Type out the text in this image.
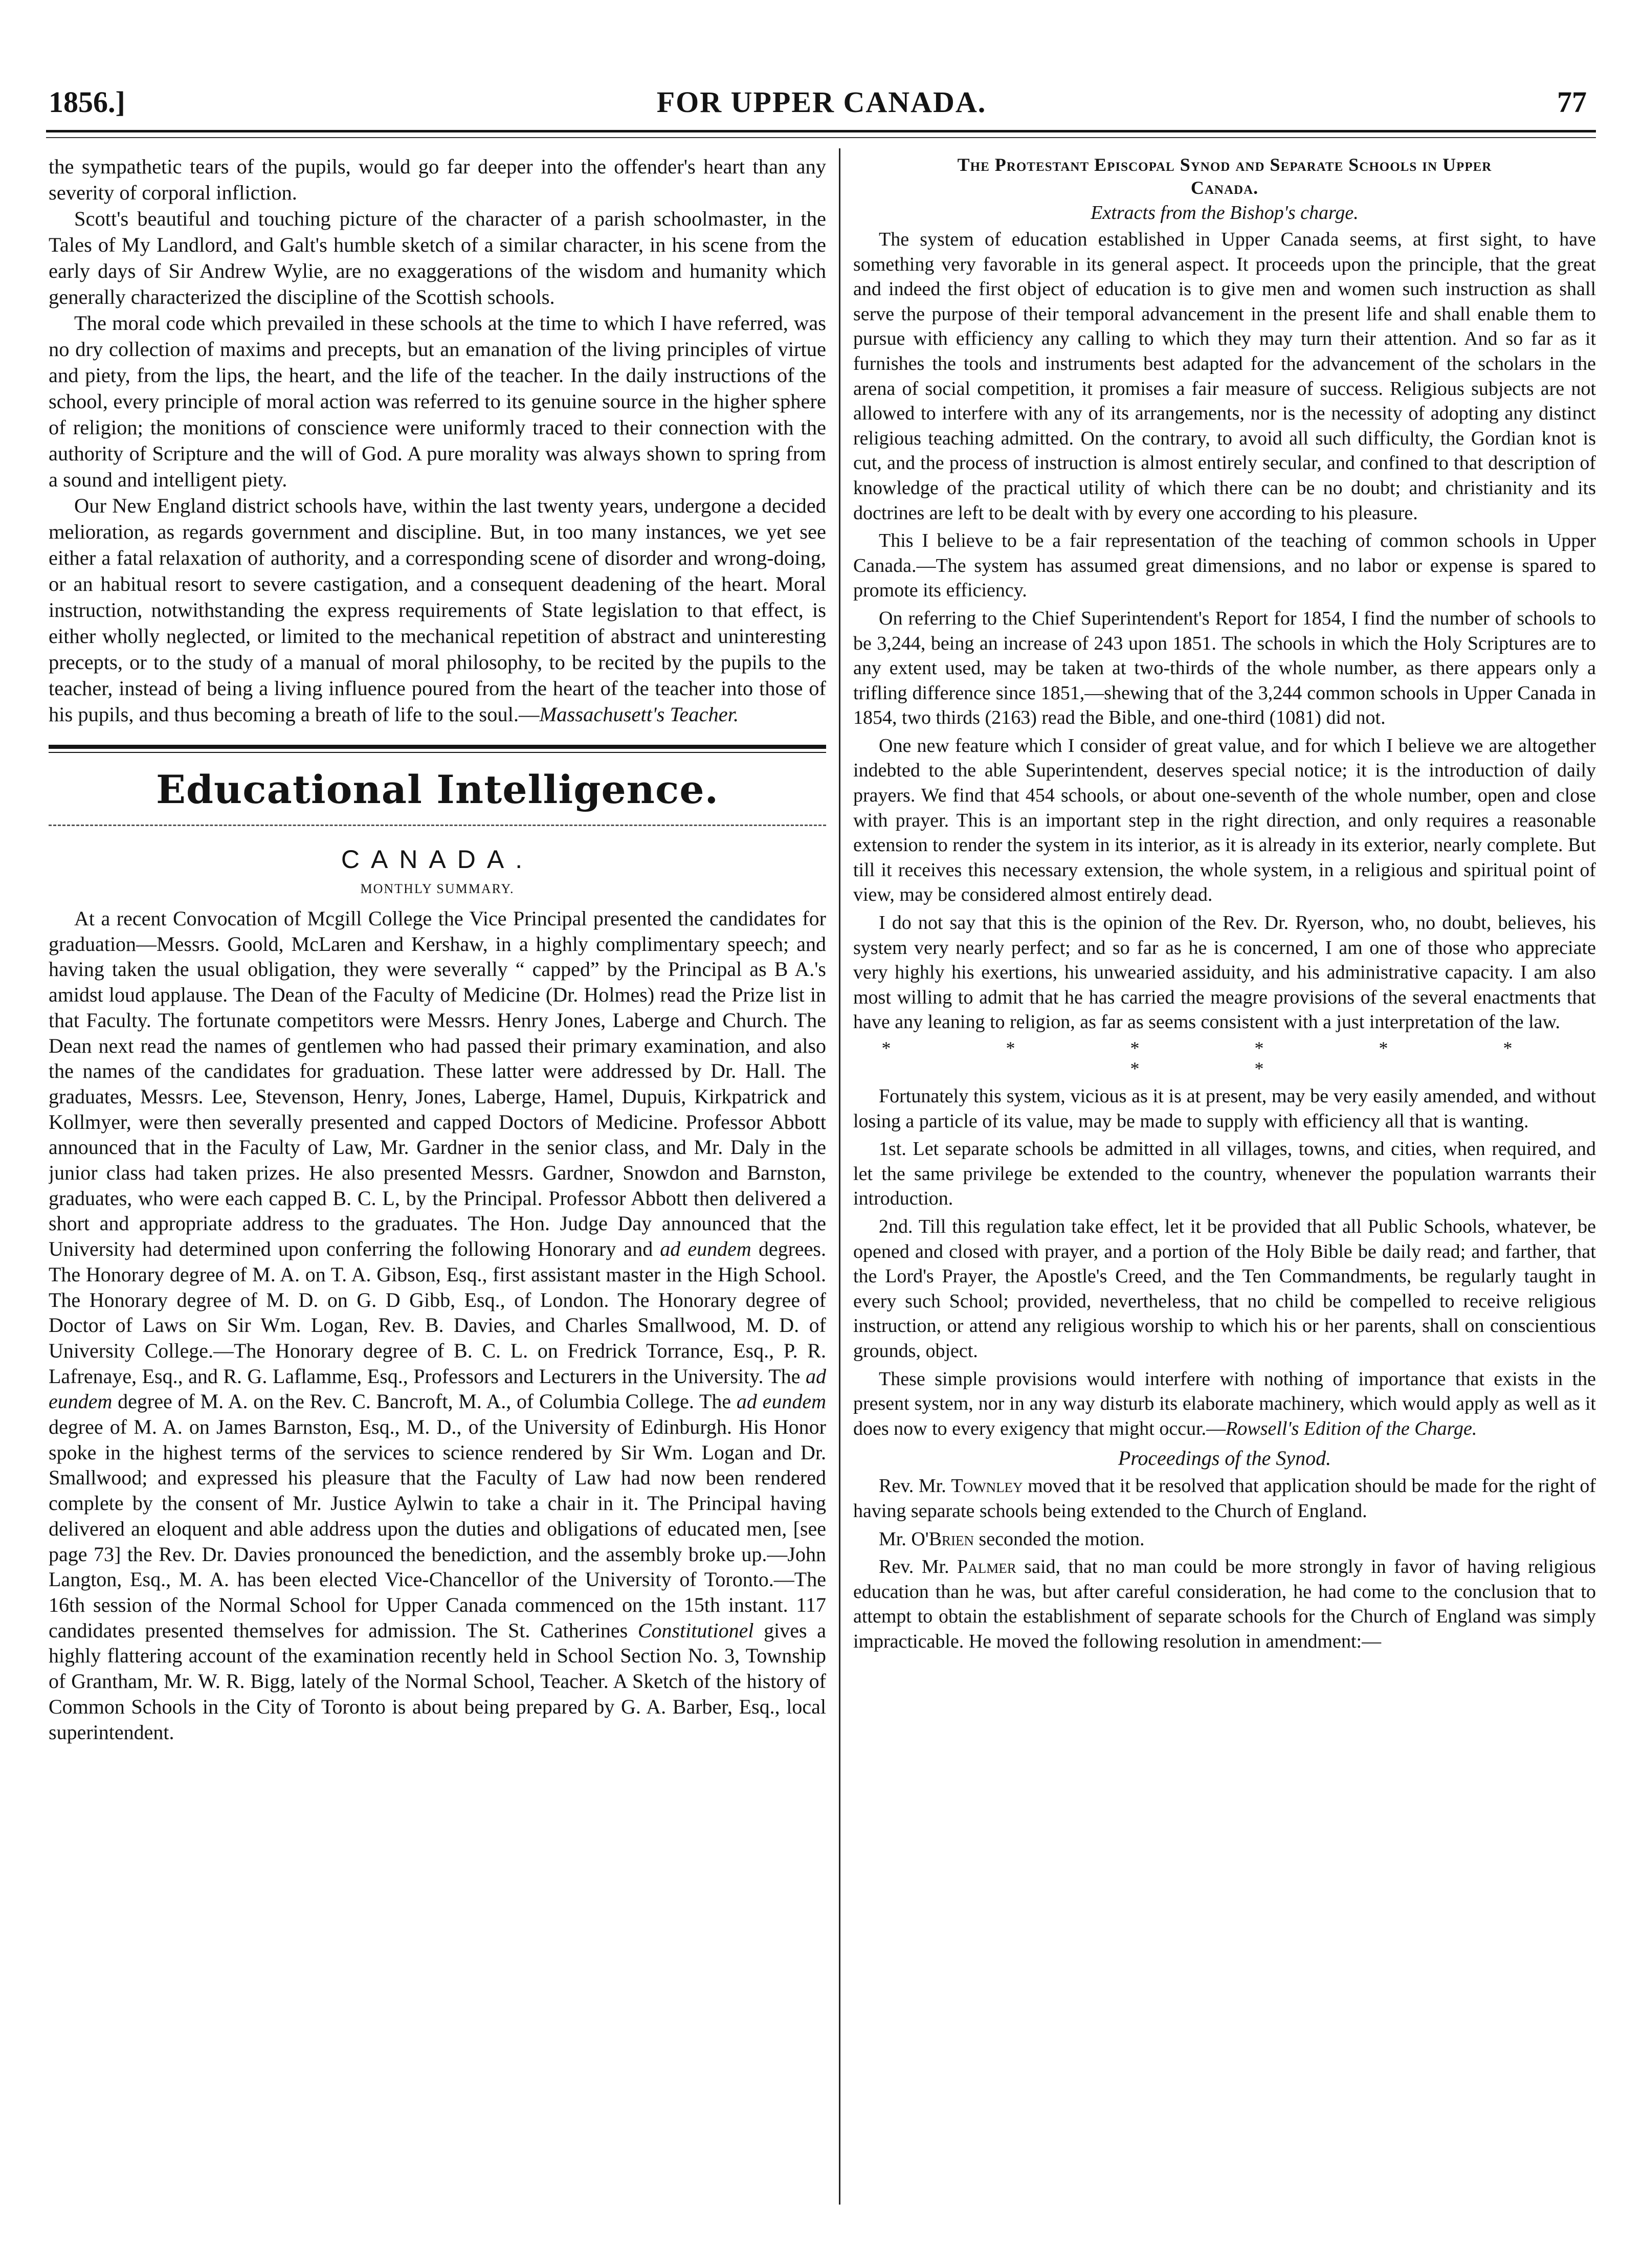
1856.]	FOR UPPER CANADA.	77

the sympathetic tears of the pupils, would go far deeper into the offender's heart than any severity of corporal infliction.

Scott's beautiful and touching picture of the character of a parish schoolmaster, in the Tales of My Landlord, and Galt's humble sketch of a similar character, in his scene from the early days of Sir Andrew Wylie, are no exaggerations of the wisdom and humanity which generally characterized the discipline of the Scottish schools.

The moral code which prevailed in these schools at the time to which I have referred, was no dry collection of maxims and precepts, but an emanation of the living principles of virtue and piety, from the lips, the heart, and the life of the teacher. In the daily instructions of the school, every principle of moral action was referred to its genuine source in the higher sphere of religion; the monitions of conscience were uniformly traced to their connection with the authority of Scripture and the will of God. A pure morality was always shown to spring from a sound and intelligent piety.

Our New England district schools have, within the last twenty years, undergone a decided melioration, as regards government and discipline. But, in too many instances, we yet see either a fatal relaxation of authority, and a corresponding scene of disorder and wrong-doing, or an habitual resort to severe castigation, and a consequent deadening of the heart. Moral instruction, notwithstanding the express requirements of State legislation to that effect, is either wholly neglected, or limited to the mechanical repetition of abstract and uninteresting precepts, or to the study of a manual of moral philosophy, to be recited by the pupils to the teacher, instead of being a living influence poured from the heart of the teacher into those of his pupils, and thus becoming a breath of life to the soul.—Massachusett's Teacher.

Educational Intelligence.
CANADA.
MONTHLY SUMMARY.

At a recent Convocation of Mcgill College the Vice Principal presented the candidates for graduation—Messrs. Goold, McLaren and Kershaw, in a highly complimentary speech; and having taken the usual obligation, they were severally “ capped” by the Principal as B A.'s amidst loud applause. The Dean of the Faculty of Medicine (Dr. Holmes) read the Prize list in that Faculty. The fortunate competitors were Messrs. Henry Jones, Laberge and Church. The Dean next read the names of gentlemen who had passed their primary examination, and also the names of the candidates for graduation. These latter were addressed by Dr. Hall. The graduates, Messrs. Lee, Stevenson, Henry, Jones, Laberge, Hamel, Dupuis, Kirkpatrick and Kollmyer, were then severally presented and capped Doctors of Medicine. Professor Abbott announced that in the Faculty of Law, Mr. Gardner in the senior class, and Mr. Daly in the junior class had taken prizes. He also presented Messrs. Gardner, Snowdon and Barnston, graduates, who were each capped B. C. L, by the Principal. Professor Abbott then delivered a short and appropriate address to the graduates. The Hon. Judge Day announced that the University had determined upon conferring the following Honorary and ad eundem degrees. The Honorary degree of M. A. on T. A. Gibson, Esq., first assistant master in the High School. The Honorary degree of M. D. on G. D Gibb, Esq., of London. The Honorary degree of Doctor of Laws on Sir Wm. Logan, Rev. B. Davies, and Charles Smallwood, M. D. of University College.—The Honorary degree of B. C. L. on Fredrick Torrance, Esq., P. R. Lafrenaye, Esq., and R. G. Laflamme, Esq., Professors and Lecturers in the University. The ad eundem degree of M. A. on the Rev. C. Bancroft, M. A., of Columbia College. The ad eundem degree of M. A. on James Barnston, Esq., M. D., of the University of Edinburgh. His Honor spoke in the highest terms of the services to science rendered by Sir Wm. Logan and Dr. Smallwood; and expressed his pleasure that the Faculty of Law had now been rendered complete by the consent of Mr. Justice Aylwin to take a chair in it. The Principal having delivered an eloquent and able address upon the duties and obligations of educated men, [see page 73] the Rev. Dr. Davies pronounced the benediction, and the assembly broke up.—John Langton, Esq., M. A. has been elected Vice-Chancellor of the University of Toronto.—The 16th session of the Normal School for Upper Canada commenced on the 15th instant. 117 candidates presented themselves for admission. The St. Catherines Constitutionel gives a highly flattering account of the examination recently held in School Section No. 3, Township of Grantham, Mr. W. R. Bigg, lately of the Normal School, Teacher. A Sketch of the history of Common Schools in the City of Toronto is about being prepared by G. A. Barber, Esq., local superintendent.

The Protestant Episcopal Synod and Separate Schools in Upper
Canada.
Extracts from the Bishop's charge.

The system of education established in Upper Canada seems, at first sight, to have something very favorable in its general aspect. It proceeds upon the principle, that the great and indeed the first object of education is to give men and women such instruction as shall serve the purpose of their temporal advancement in the present life and shall enable them to pursue with efficiency any calling to which they may turn their attention. And so far as it furnishes the tools and instruments best adapted for the advancement of the scholars in the arena of social competition, it promises a fair measure of success. Religious subjects are not allowed to interfere with any of its arrangements, nor is the necessity of adopting any distinct religious teaching admitted. On the contrary, to avoid all such difficulty, the Gordian knot is cut, and the process of instruction is almost entirely secular, and confined to that description of knowledge of the practical utility of which there can be no doubt; and christianity and its doctrines are left to be dealt with by every one according to his pleasure.

This I believe to be a fair representation of the teaching of common schools in Upper Canada.—The system has assumed great dimensions, and no labor or expense is spared to promote its efficiency.

On referring to the Chief Superintendent's Report for 1854, I find the number of schools to be 3,244, being an increase of 243 upon 1851. The schools in which the Holy Scriptures are to any extent used, may be taken at two-thirds of the whole number, as there appears only a trifling difference since 1851,—shewing that of the 3,244 common schools in Upper Canada in 1854, two thirds (2163) read the Bible, and one-third (1081) did not.

One new feature which I consider of great value, and for which I believe we are altogether indebted to the able Superintendent, deserves special notice; it is the introduction of daily prayers. We find that 454 schools, or about one-seventh of the whole number, open and close with prayer. This is an important step in the right direction, and only requires a reasonable extension to render the system in its interior, as it is already in its exterior, nearly complete. But till it receives this necessary extension, the whole system, in a religious and spiritual point of view, may be considered almost entirely dead.

I do not say that this is the opinion of the Rev. Dr. Ryerson, who, no doubt, believes, his system very nearly perfect; and so far as he is concerned, I am one of those who appreciate very highly his exertions, his unwearied assiduity, and his administrative capacity. I am also most willing to admit that he has carried the meagre provisions of the several enactments that have any leaning to religion, as far as seems consistent with a just interpretation of the law.

* * * * * * * *

Fortunately this system, vicious as it is at present, may be very easily amended, and without losing a particle of its value, may be made to supply with efficiency all that is wanting.

1st. Let separate schools be admitted in all villages, towns, and cities, when required, and let the same privilege be extended to the country, whenever the population warrants their introduction.

2nd. Till this regulation take effect, let it be provided that all Public Schools, whatever, be opened and closed with prayer, and a portion of the Holy Bible be daily read; and farther, that the Lord's Prayer, the Apostle's Creed, and the Ten Commandments, be regularly taught in every such School; provided, nevertheless, that no child be compelled to receive religious instruction, or attend any religious worship to which his or her parents, shall on conscientious grounds, object.

These simple provisions would interfere with nothing of importance that exists in the present system, nor in any way disturb its elaborate machinery, which would apply as well as it does now to every exigency that might occur.—Rowsell's Edition of the Charge.

Proceedings of the Synod.

Rev. Mr. Townley moved that it be resolved that application should be made for the right of having separate schools being extended to the Church of England.

Mr. O'Brien seconded the motion.

Rev. Mr. Palmer said, that no man could be more strongly in favor of having religious education than he was, but after careful consideration, he had come to the conclusion that to attempt to obtain the establishment of separate schools for the Church of England was simply impracticable. He moved the following resolution in amendment:—
